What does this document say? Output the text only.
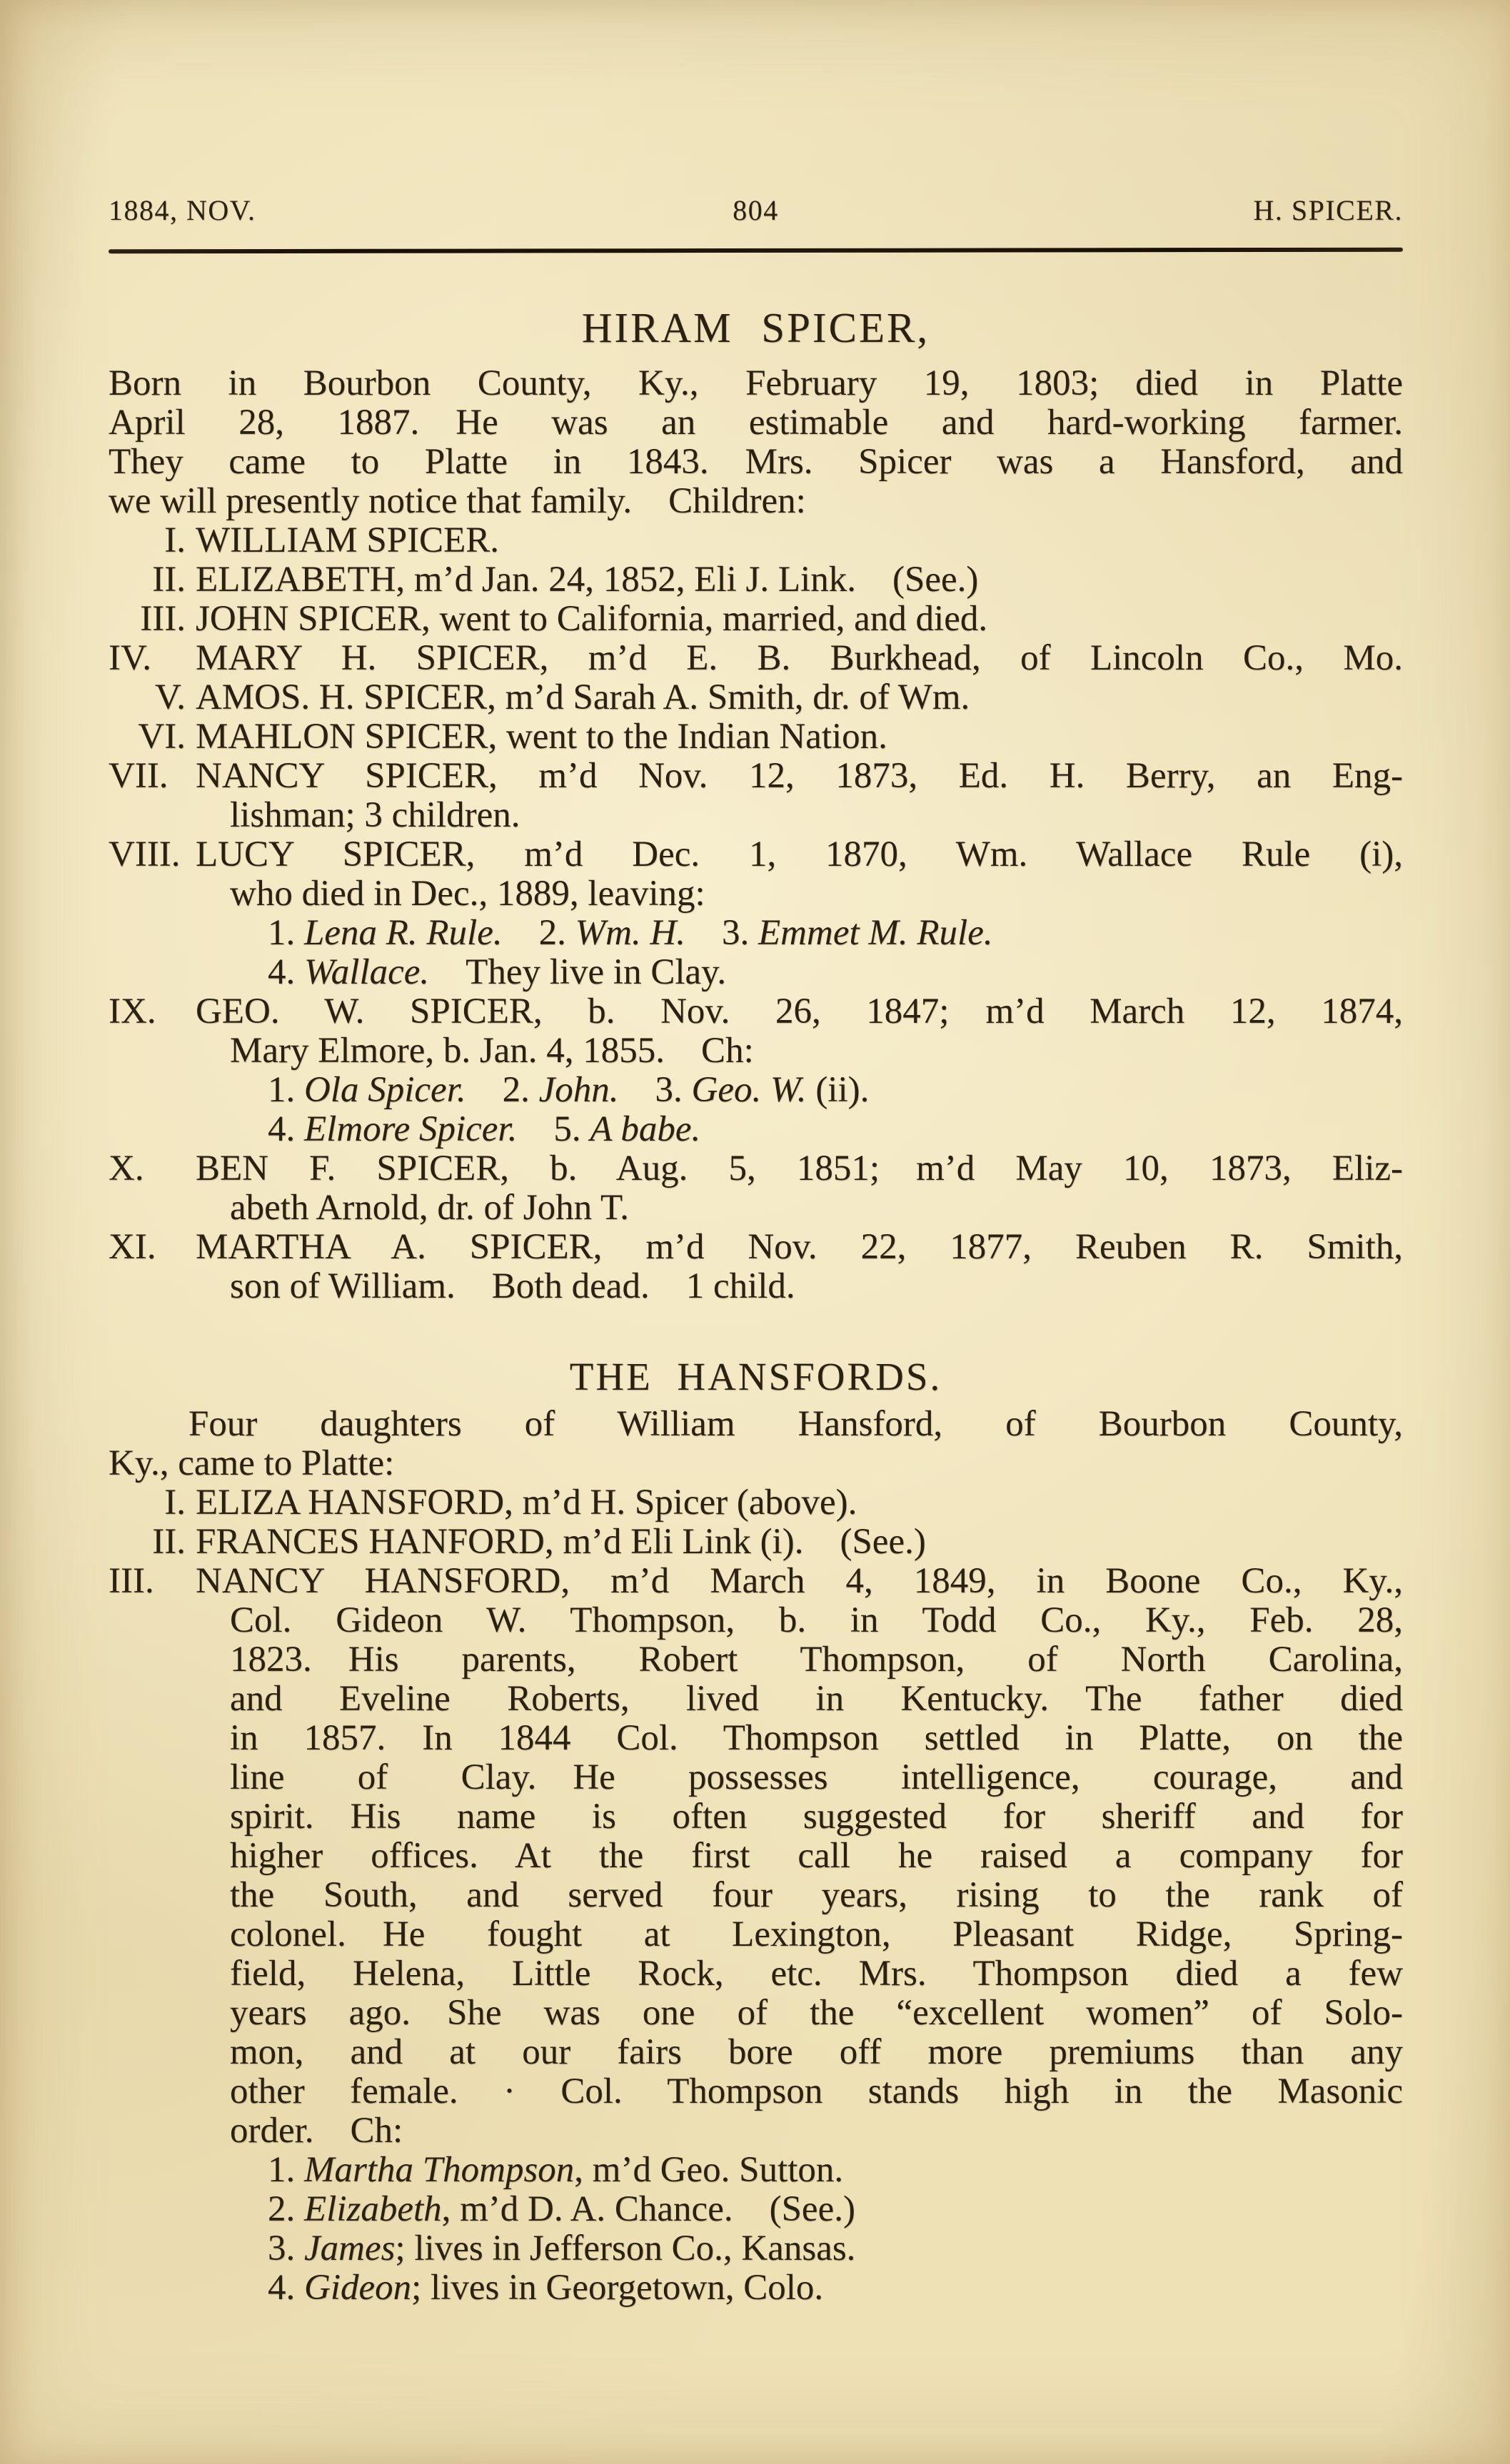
1884, NOV.	804	H. SPICER.
HIRAM SPICER,
Born in Bourbon County, Ky., February 19, 1803; died in Platte
April 28, 1887. He was an estimable and hard-working farmer.
They came to Platte in 1843. Mrs. Spicer was a Hansford, and
we will presently notice that family. Children:
I. WILLIAM SPICER.
II. ELIZABETH, m’d Jan. 24, 1852, Eli J. Link. (See.)
III. JOHN SPICER, went to California, married, and died.
IV. MARY H. SPICER, m’d E. B. Burkhead, of Lincoln Co., Mo.
V. AMOS. H. SPICER, m’d Sarah A. Smith, dr. of Wm.
VI. MAHLON SPICER, went to the Indian Nation.
VII. NANCY SPICER, m’d Nov. 12, 1873, Ed. H. Berry, an Eng-
lishman; 3 children.
VIII. LUCY SPICER, m’d Dec. 1, 1870, Wm. Wallace Rule (i),
who died in Dec., 1889, leaving:
1. Lena R. Rule. 2. Wm. H. 3. Emmet M. Rule.
4. Wallace. They live in Clay.
IX. GEO. W. SPICER, b. Nov. 26, 1847; m’d March 12, 1874,
Mary Elmore, b. Jan. 4, 1855. Ch:
1. Ola Spicer. 2. John. 3. Geo. W. (ii).
4. Elmore Spicer. 5. A babe.
X. BEN F. SPICER, b. Aug. 5, 1851; m’d May 10, 1873, Eliz-
abeth Arnold, dr. of John T.
XI. MARTHA A. SPICER, m’d Nov. 22, 1877, Reuben R. Smith,
son of William. Both dead. 1 child.
THE HANSFORDS.
Four daughters of William Hansford, of Bourbon County,
Ky., came to Platte:
I. ELIZA HANSFORD, m’d H. Spicer (above).
II. FRANCES HANFORD, m’d Eli Link (i). (See.)
III. NANCY HANSFORD, m’d March 4, 1849, in Boone Co., Ky.,
Col. Gideon W. Thompson, b. in Todd Co., Ky., Feb. 28,
1823. His parents, Robert Thompson, of North Carolina,
and Eveline Roberts, lived in Kentucky. The father died
in 1857. In 1844 Col. Thompson settled in Platte, on the
line of Clay. He possesses intelligence, courage, and
spirit. His name is often suggested for sheriff and for
higher offices. At the first call he raised a company for
the South, and served four years, rising to the rank of
colonel. He fought at Lexington, Pleasant Ridge, Spring-
field, Helena, Little Rock, etc. Mrs. Thompson died a few
years ago. She was one of the “excellent women” of Solo-
mon, and at our fairs bore off more premiums than any
other female. · Col. Thompson stands high in the Masonic
order. Ch:
1. Martha Thompson, m’d Geo. Sutton.
2. Elizabeth, m’d D. A. Chance. (See.)
3. James; lives in Jefferson Co., Kansas.
4. Gideon; lives in Georgetown, Colo.
